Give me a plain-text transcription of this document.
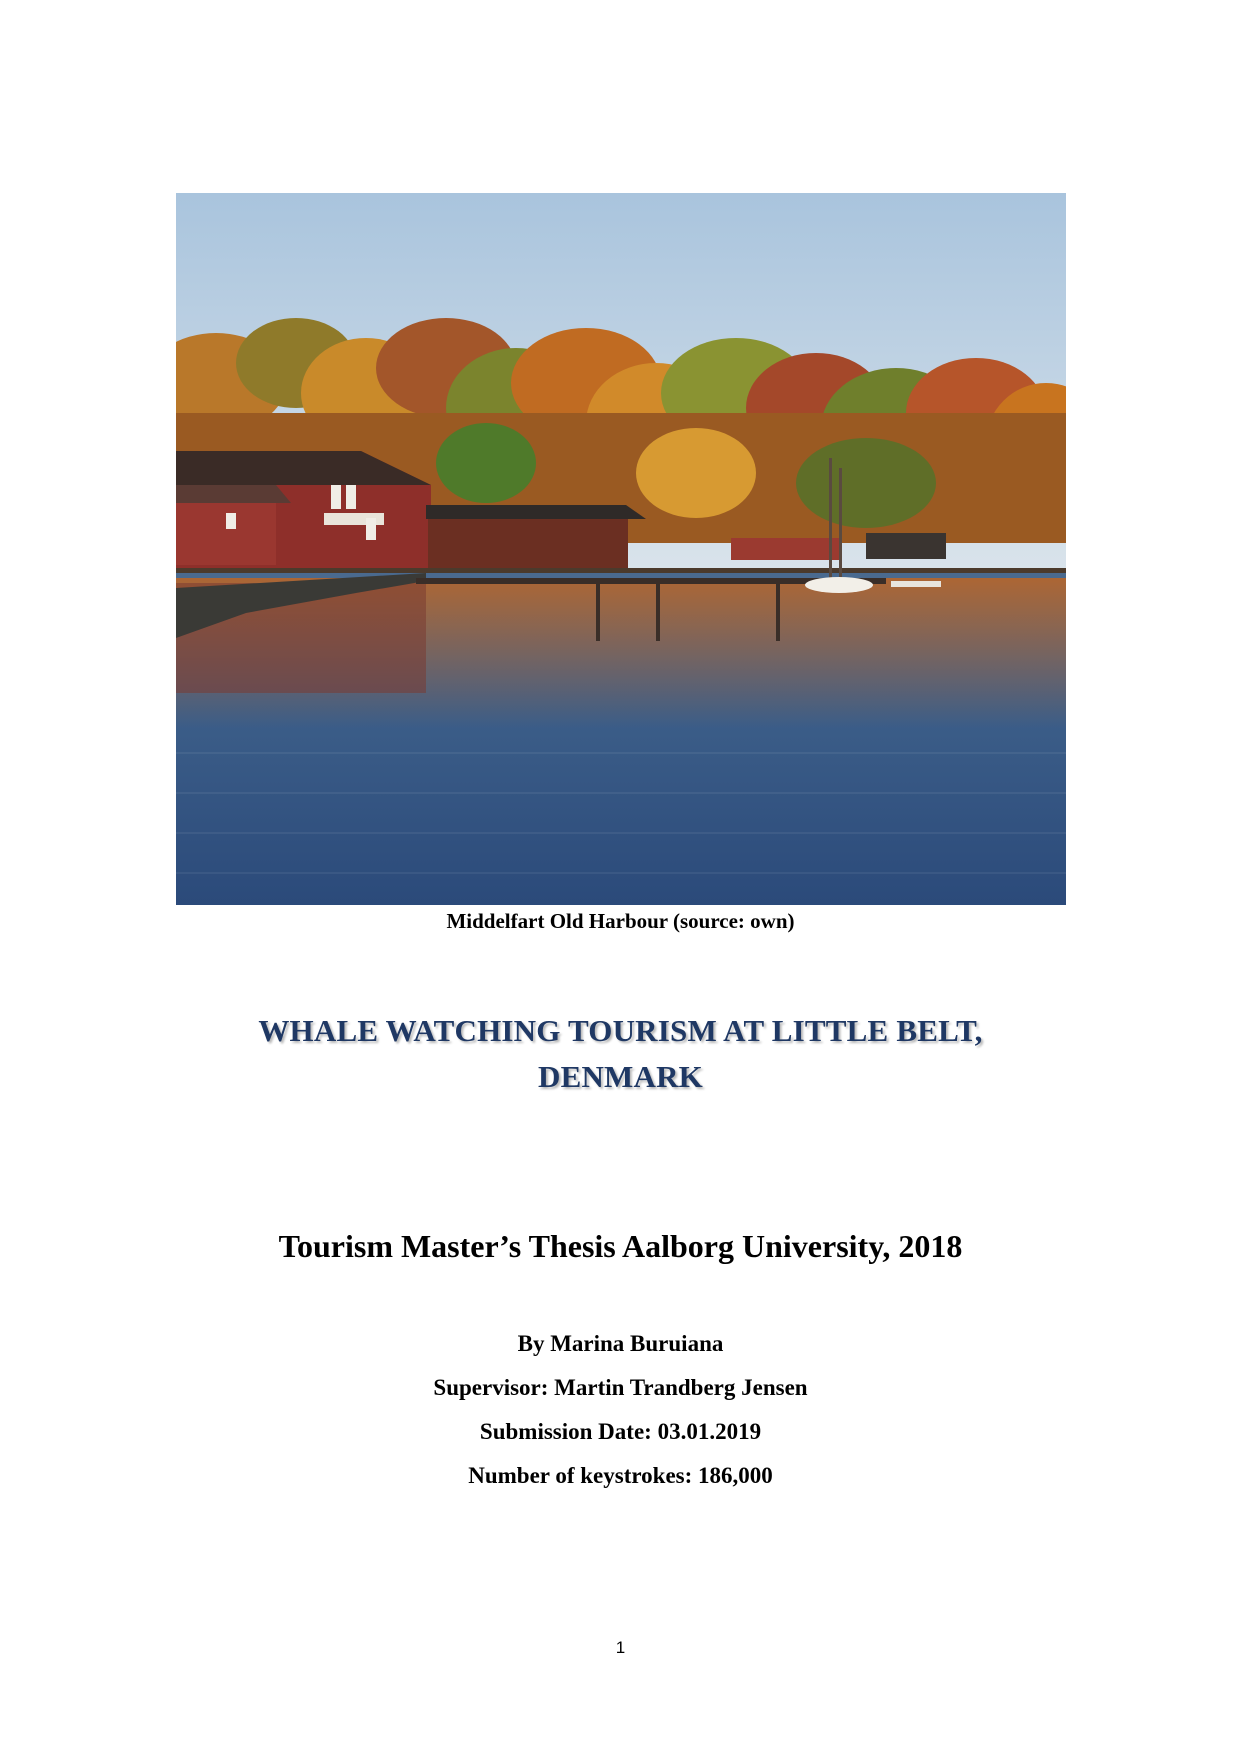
Middelfart Old Harbour (source: own)
WHALE WATCHING TOURISM AT LITTLE BELT,
DENMARK
Tourism Master’s Thesis Aalborg University, 2018
By Marina Buruiana
Supervisor: Martin Trandberg Jensen
Submission Date: 03.01.2019
Number of keystrokes: 186,000
1
